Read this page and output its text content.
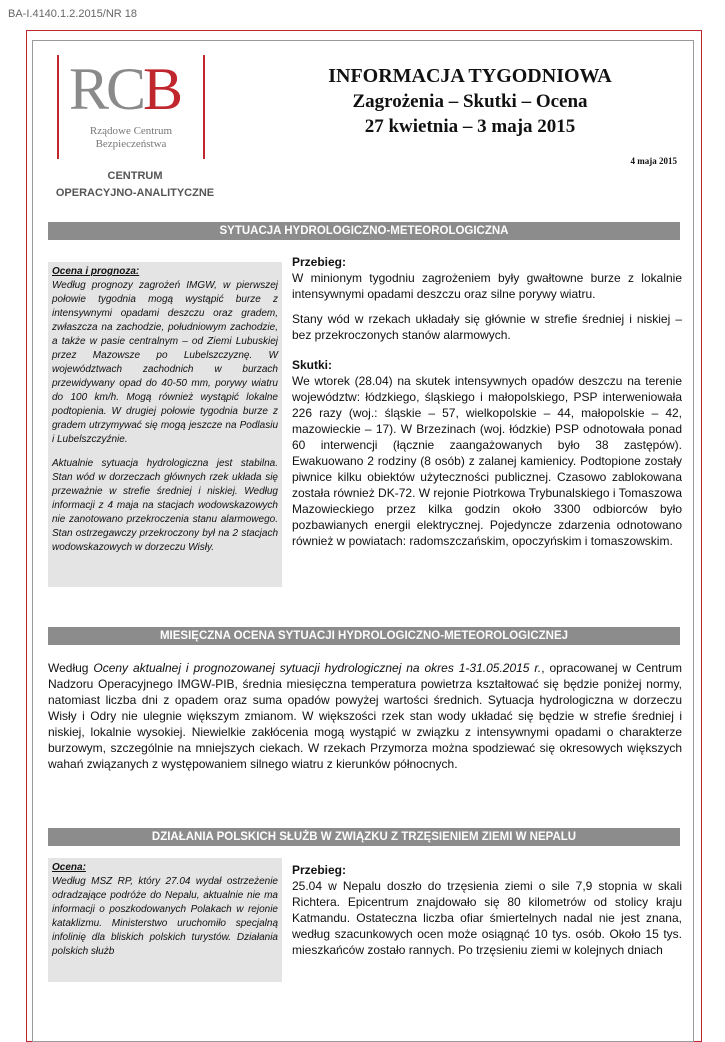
BA-I.4140.1.2.2015/NR 18
RCB
Rządowe Centrum
Bezpieczeństwa
CENTRUM
OPERACYJNO-ANALITYCZNE
INFORMACJA TYGODNIOWA
Zagrożenia – Skutki – Ocena
27 kwietnia – 3 maja 2015
4 maja 2015
SYTUACJA HYDROLOGICZNO-METEOROLOGICZNA

Ocena i prognoza:
Według prognozy zagrożeń IMGW, w pierwszej połowie tygodnia mogą wystąpić burze z intensywnymi opadami deszczu oraz gradem, zwłaszcza na zachodzie, południowym zachodzie, a także w pasie centralnym – od Ziemi Lubuskiej przez Mazowsze po Lubelszczyznę. W województwach zachodnich w burzach przewidywany opad do 40-50 mm, porywy wiatru do 100 km/h. Mogą również wystąpić lokalne podtopienia. W drugiej połowie tygodnia burze z gradem utrzymywać się mogą jeszcze na Podlasiu i Lubelszczyźnie.

Aktualnie sytuacja hydrologiczna jest stabilna. Stan wód w dorzeczach głównych rzek układa się przeważnie w strefie średniej i niskiej. Według informacji z 4 maja na stacjach wodowskazowych nie zanotowano przekroczenia stanu alarmowego. Stan ostrzegawczy przekroczony był na 2 stacjach wodowskazowych w dorzeczu Wisły.

Przebieg:

W minionym tygodniu zagrożeniem były gwałtowne burze z lokalnie intensywnymi opadami deszczu oraz silne porywy wiatru.

Stany wód w rzekach układały się głównie w strefie średniej i niskiej – bez przekroczonych stanów alarmowych.

Skutki:

We wtorek (28.04) na skutek intensywnych opadów deszczu na terenie województw: łódzkiego, śląskiego i małopolskiego, PSP interweniowała 226 razy (woj.: śląskie – 57, wielkopolskie – 44, małopolskie – 42, mazowieckie – 17). W Brzezinach (woj. łódzkie) PSP odnotowała ponad 60 interwencji (łącznie zaangażowanych było 38 zastępów). Ewakuowano 2 rodziny (8 osób) z zalanej kamienicy. Podtopione zostały piwnice kilku obiektów użyteczności publicznej. Czasowo zablokowana została również DK-72. W rejonie Piotrkowa Trybunalskiego i Tomaszowa Mazowieckiego przez kilka godzin około 3300 odbiorców było pozbawianych energii elektrycznej. Pojedyncze zdarzenia odnotowano również w powiatach: radomszczańskim, opoczyńskim i tomaszowskim.

MIESIĘCZNA OCENA SYTUACJI HYDROLOGICZNO-METEOROLOGICZNEJ
Według Oceny aktualnej i prognozowanej sytuacji hydrologicznej na okres 1-31.05.2015 r., opracowanej w Centrum Nadzoru Operacyjnego IMGW-PIB, średnia miesięczna temperatura powietrza kształtować się będzie poniżej normy, natomiast liczba dni z opadem oraz suma opadów powyżej wartości średnich. Sytuacja hydrologiczna w dorzeczu Wisły i Odry nie ulegnie większym zmianom. W większości rzek stan wody układać się będzie w strefie średniej i niskiej, lokalnie wysokiej. Niewielkie zakłócenia mogą wystąpić w związku z intensywnymi opadami o charakterze burzowym, szczególnie na mniejszych ciekach. W rzekach Przymorza można spodziewać się okresowych większych wahań związanych z występowaniem silnego wiatru z kierunków północnych.
DZIAŁANIA POLSKICH SŁUŻB W ZWIĄZKU Z TRZĘSIENIEM ZIEMI W NEPALU
Ocena:
Według MSZ RP, który 27.04 wydał ostrzeżenie odradzające podróże do Nepalu, aktualnie nie ma informacji o poszkodowanych Polakach w rejonie kataklizmu. Ministerstwo uruchomiło specjalną infolinię dla bliskich polskich turystów. Działania polskich służb
Przebieg:

25.04 w Nepalu doszło do trzęsienia ziemi o sile 7,9 stopnia w skali Richtera. Epicentrum znajdowało się 80 kilometrów od stolicy kraju Katmandu. Ostateczna liczba ofiar śmiertelnych nadal nie jest znana, według szacunkowych ocen może osiągnąć 10 tys. osób. Około 15 tys. mieszkańców zostało rannych. Po trzęsieniu ziemi w kolejnych dniach
